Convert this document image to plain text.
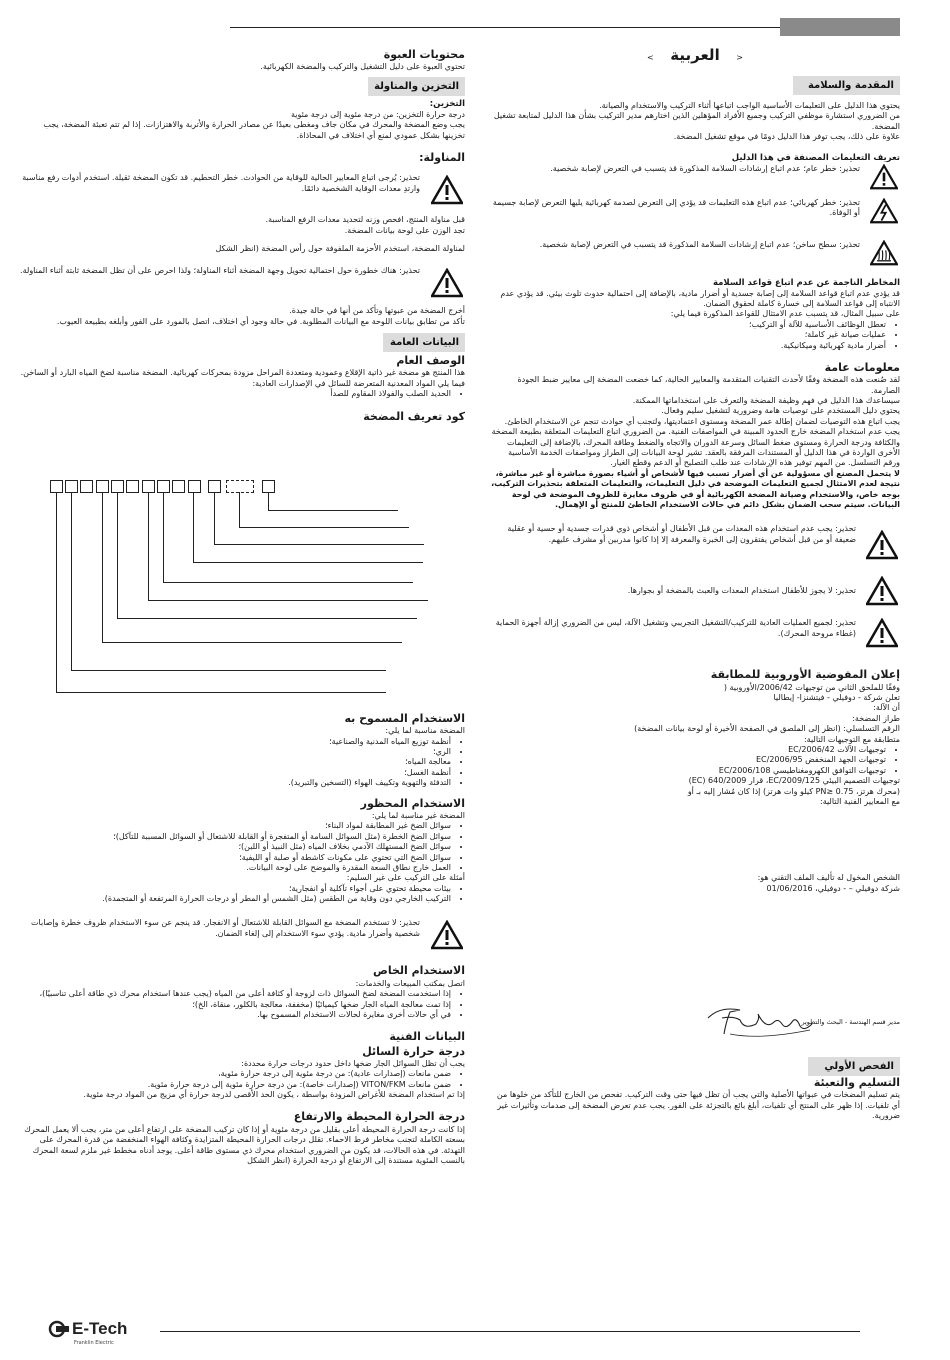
< العربية >
محتويات العبوة

تحتوي العبوة على دليل التشغيل والتركيب والمضخة الكهربائية.

التخزين والمناولة
التخزين:

درجة حرارة التخزين: من درجة مئوية إلى درجة مئوية

يجب وضع المضخة والمحرك في مكان جاف ومغطى بعيدًا عن مصادر الحرارة والأتربة والاهتزازات. إذا لم تتم تعبئة المضخة، يجب تخزينها بشكل عمودي لمنع أي اختلاف في المحاذاة.

المناولة:

تحذير: يُرجى اتباع المعايير الحالية للوقاية من الحوادث. خطر التحطيم. قد تكون المضخة ثقيلة. استخدم أدوات رفع مناسبة وارتدِ معدات الوقاية الشخصية دائمًا.

قبل مناولة المنتج، افحص وزنه لتحديد معدات الرفع المناسبة.

تجد الوزن على لوحة بيانات المضخة.

لمناولة المضخة، استخدم الأحزمة الملفوفة حول رأس المضخة (انظر الشكل

تحذير: هناك خطورة حول احتمالية تحويل وجهة المضخة أثناء المناولة؛ ولذا احرص على أن تظل المضخة ثابتة أثناء المناولة.

أخرج المضخة من عبوتها وتأكد من أنها في حالة جيدة.

تأكد من تطابق بيانات اللوحة مع البيانات المطلوبة. في حالة وجود أي اختلاف، اتصل بالمورد على الفور وأبلغه بطبيعة العيوب.

البيانات العامة
الوصف العام

هذا المنتج هو مضخة غير ذاتية الإقلاع وعمودية ومتعددة المراحل مزودة بمحركات كهربائية. المضخة مناسبة لضخ المياه البارد أو الساخن. فيما يلي المواد المعدنية المتعرضة للسائل في الإصدارات العادية:

• الحديد الصلب والفولاذ المقاوم للصدأ
كود تعريف المضخة
الاستخدام المسموح به

المضخة مناسبة لما يلي:

• أنظمة توزيع المياه المدنية والصناعية؛
• الري؛
• معالجة المياه؛
• أنظمة الغسل؛
• التدفئة والتهوية وتكييف الهواء (التسخين والتبريد).
الاستخدام المحظور

المضخة غير مناسبة لما يلي:

• سوائل الضخ غير المطابقة لمواد البناء؛
• سوائل الضخ الخطرة (مثل السوائل السامة أو المتفجرة أو القابلة للاشتعال أو السوائل المسببة للتآكل)؛
• سوائل الضخ المستهلك الآدمي بخلاف المياه (مثل النبيذ أو اللبن)؛
• سوائل الضخ التي تحتوي على مكونات كاشطة أو صلبة أو الليفية؛
• العمل خارج نطاق السعة المقدرة والموضح على لوحة البيانات.

أمثلة على التركيب على غير السليم:

• بيئات محيطة تحتوي على أجواء تآكلية أو انفجارية؛
• التركيب الخارجي دون وقاية من الطقس (مثل الشمس أو المطر أو درجات الحرارة المرتفعة أو المتجمدة).

تحذير: لا تستخدم المضخة مع السوائل القابلة للاشتعال أو الانفجار. قد ينجم عن سوء الاستخدام ظروف خطرة وإصابات شخصية وأضرار مادية. يؤدي سوء الاستخدام إلى إلغاء الضمان.

الاستخدام الخاص

اتصل بمكتب المبيعات والخدمات:

• إذا استخدمت المضخة لضخ السوائل ذات لزوجة أو كثافة أعلى من المياه (يجب عندها استخدام محرك ذي طاقة أعلى تناسبيًا)،
• إذا تمت معالجة المياه الجار ضخها كيميائيًا (مخففة، معالجة بالكلور، منقاة، الخ)؛
• في أي حالات أخرى مغايرة لحالات الاستخدام المسموح بها.
البيانات الفنية
درجة حرارة السائل

يجب أن تظل السوائل الجار ضخها داخل حدود درجات حرارة محددة:

• ضمن مانعات (إصدارات عادية): من درجة مئوية إلى درجة حرارة مئوية،
• ضمن مانعات VITON/FKM (إصدارات خاصة): من درجة حرارة مئوية إلى درجة حرارة مئوية.

إذا تم استخدام المضخة للأغراض المزودة بواسطة ، يكون الحد الأقصى لدرجة حرارة أي مزيج من المواد درجة مئوية.

درجة الحرارة المحيطة والارتفاع

إذا كانت درجة الحرارة المحيطة أعلى بقليل من درجة مئوية أو إذا كان تركيب المضخة على ارتفاع أعلى من متر، يجب ألا يعمل المحرك بسعته الكاملة لتجنب مخاطر فرط الاحماء. تقلل درجات الحرارة المحيطة المتزايدة وكثافة الهواء المنخفضة من قدرة المحرك على التهدئة. في هذه الحالات، قد يكون من الضروري استخدام محرك ذي مستوى طاقة أعلى. يوجد أدناه مخطط غير ملزم لسعة المحرك بالنسب المئوية مستندة إلى الارتفاع أو درجة الحرارة (انظر الشكل

المقدمة والسلامة

يحتوي هذا الدليل على التعليمات الأساسية الواجب اتباعها أثناء التركيب والاستخدام والصيانة.

من الضروري استشارة موظفي التركيب وجميع الأفراد المؤهلين الذين اختارهم مدير التركيب بشأن هذا الدليل لمتابعة تشغيل المضخة.

علاوة على ذلك، يجب توفر هذا الدليل دومًا في موقع تشغيل المضخة.

تعريف التعليمات المصنفة في هذا الدليل

تحذير: خطر عام؛ عدم اتباع إرشادات السلامة المذكورة قد يتسبب في التعرض لإصابة شخصية.

تحذير: خطر كهربائي؛ عدم اتباع هذه التعليمات قد يؤدي إلى التعرض لصدمة كهربائية يليها التعرض لإصابة جسيمة أو الوفاة.

تحذير: سطح ساخن؛ عدم اتباع إرشادات السلامة المذكورة قد يتسبب في التعرض لإصابة شخصية.

المخاطر الناجمة عن عدم اتباع قواعد السلامة

قد يؤدي عدم اتباع قواعد السلامة إلى إصابة جسدية أو أضرار مادية، بالإضافة إلى احتمالية حدوث تلوث بيئي. قد يؤدي عدم الانتباه إلى قواعد السلامة إلى خسارة كاملة لحقوق الضمان.

على سبيل المثال، قد يتسبب عدم الامتثال للقواعد المذكورة فيما يلي:

• تعطل الوظائف الأساسية للآلة أو التركيب؛
• عمليات صيانة غير كاملة؛
• أضرار مادية كهربائية وميكانيكية.
معلومات عامة

لقد صُنعت هذه المضخة وفقًا لأحدث التقنيات المتقدمة والمعايير الحالية، كما خضعت المضخة إلى معايير ضبط الجودة الصارمة.

سيساعدك هذا الدليل في فهم وظيفة المضخة والتعرف على استخداماتها الممكنة.

يحتوي دليل المستخدم على توصيات هامة وضرورية لتشغيل سليم وفعال.

يجب اتباع هذه التوصيات لضمان إطالة عمر المضخة ومستوى اعتماديتها، ولتجنب أي حوادث تنجم عن الاستخدام الخاطئ.

يجب عدم استخدام المضخة خارج الحدود المبينة في المواصفات الفنية. من الضروري اتباع التعليمات المتعلقة بطبيعة المضخة والكثافة ودرجة الحرارة ومستوى ضغط السائل وسرعة الدوران والاتجاه والضغط وطاقة المحرك، بالإضافة إلى التعليمات الأخرى الواردة في هذا الدليل أو المستندات المرفقة بالعقد. تشير لوحة البيانات إلى الطراز ومواصفات الخدمة الأساسية ورقم التسلسل. من المهم توفير هذه الإرشادات عند طلب التصليح أو الدعم وقطع الغيار.

لا يتحمل المصنع أي مسؤولية عن أي أضرار تسبب فيها لأشخاص أو أشياء بصورة مباشرة أو غير مباشرة، نتيجة لعدم الامتثال لجميع التعليمات الموضحة في دليل التعليمات، والتعليمات المتعلقة بتحذيرات التركيب، بوجه خاص، والاستخدام وصيانة المضخة الكهربائية أو في ظروف مغايرة للظروف الموضحة في لوحة البيانات. سيتم سحب الضمان بشكل دائم في حالات الاستخدام الخاطئ للمنتج أو الإهمال.

تحذير: يجب عدم استخدام هذه المعدات من قبل الأطفال أو أشخاص ذوي قدرات جسدية أو حسية أو عقلية ضعيفة أو من قبل أشخاص يفتقرون إلى الخبرة والمعرفة إلا إذا كانوا مدربين أو مشرف عليهم.

تحذير: لا يجوز للأطفال استخدام المعدات والعبث بالمضخة أو بجوارها.

تحذير: لجميع العمليات العادية للتركيب/التشغيل التجريبي وتشغيل الآلة، ليس من الضروري إزالة أجهزة الحماية (غطاء مروحة المحرك).

إعلان المفوضية الأوروبية للمطابقة

وفقًا للملحق الثاني من توجيهات 2006/42/الأوروبية (

تعلن شركة - دوفيلي - فيتشنزا- إيطاليا

أن الآلة:

طراز المضخة:

الرقم التسلسلي: (انظر إلى الملصق في الصفحة الأخيرة أو لوحة بيانات المضخة)

متطابقة مع التوجيهات التالية:

• توجيهات الآلات 2006/42/EC
• توجيهات الجهد المنخفض 2006/95/EC
• توجيهات التوافق الكهرومغناطيسي 2006/108/EC

توجيهات التصميم البيئي 2009/125/EC، قرار 640/2009 (EC)

(محرك هرتز، PN≥ 0.75 كيلو وات هرتز) إذا كان مُشار إليه بـ أو

مع المعايير الفنية التالية:

الشخص المخول له تأليف الملف التقني هو:

شركة دوفيلي – - دوفيلي، 01/06/2016

مدير قسم الهندسة - البحث والتطوير
الفحص الأولي
التسليم والتعبئة

يتم تسليم المضخات في عبواتها الأصلية والتي يجب أن تظل فيها حتى وقت التركيب. تفحص من الخارج للتأكد من خلوها من أي تلفيات. إذا ظهر على المنتج أي تلفيات، أبلغ بائع بالتجزئة على الفور. يجب عدم تعرض المضخة إلى صدمات وتأثيرات غير ضرورية.

E-Tech
Franklin Electric
